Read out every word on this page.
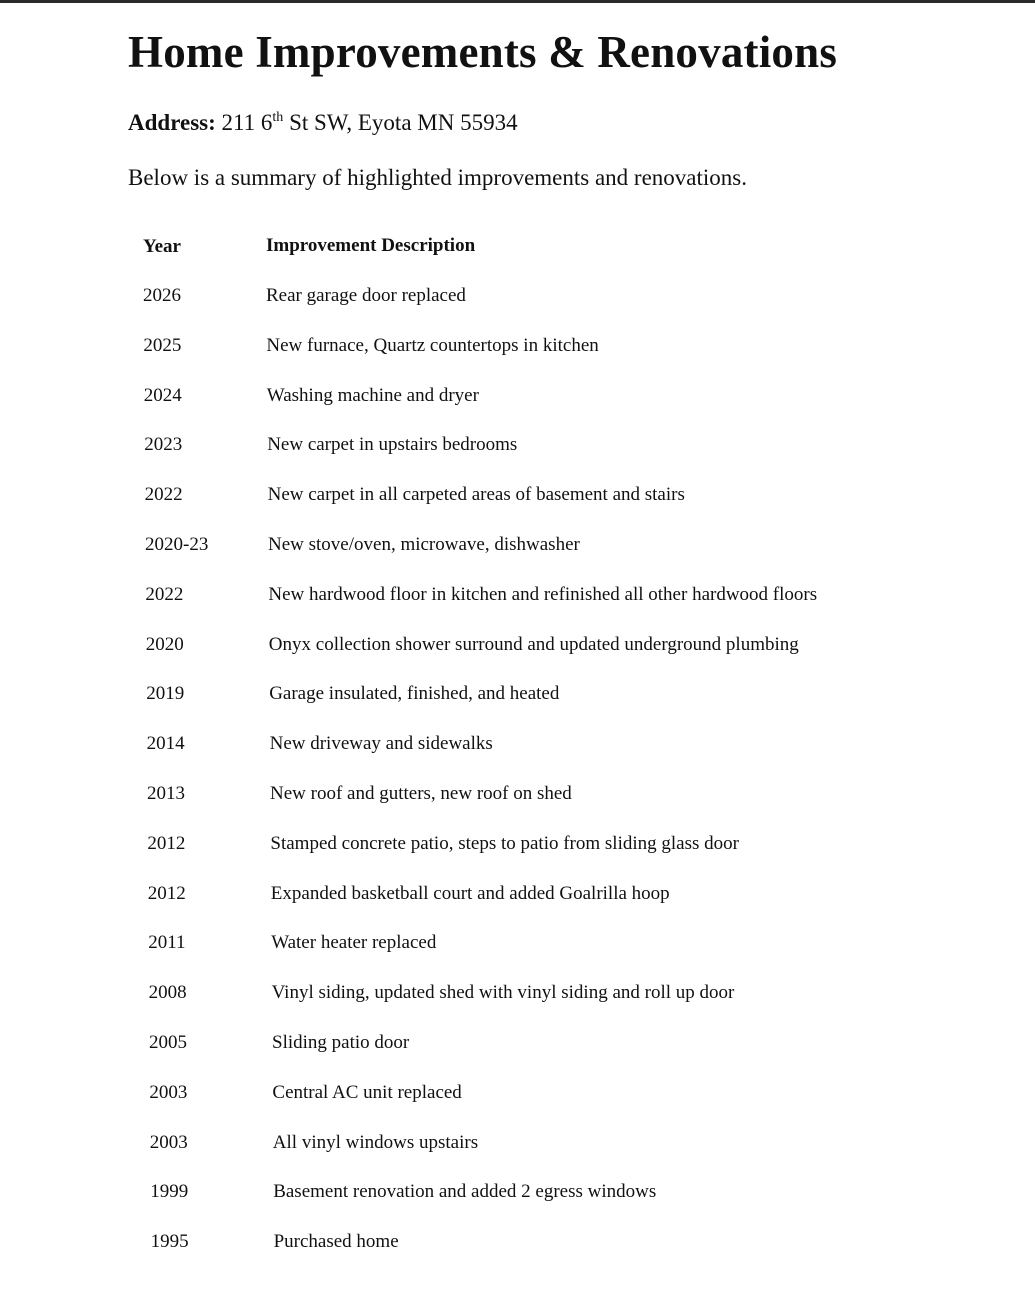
Home Improvements & Renovations
Address: 211 6th St SW, Eyota MN 55934
Below is a summary of highlighted improvements and renovations.
Year	Improvement Description
2026	Rear garage door replaced
2025	New furnace, Quartz countertops in kitchen
2024	Washing machine and dryer
2023	New carpet in upstairs bedrooms
2022	New carpet in all carpeted areas of basement and stairs
2020-23	New stove/oven, microwave, dishwasher
2022	New hardwood floor in kitchen and refinished all other hardwood floors
2020	Onyx collection shower surround and updated underground plumbing
2019	Garage insulated, finished, and heated
2014	New driveway and sidewalks
2013	New roof and gutters, new roof on shed
2012	Stamped concrete patio, steps to patio from sliding glass door
2012	Expanded basketball court and added Goalrilla hoop
2011	Water heater replaced
2008	Vinyl siding, updated shed with vinyl siding and roll up door
2005	Sliding patio door
2003	Central AC unit replaced
2003	All vinyl windows upstairs
1999	Basement renovation and added 2 egress windows
1995	Purchased home
